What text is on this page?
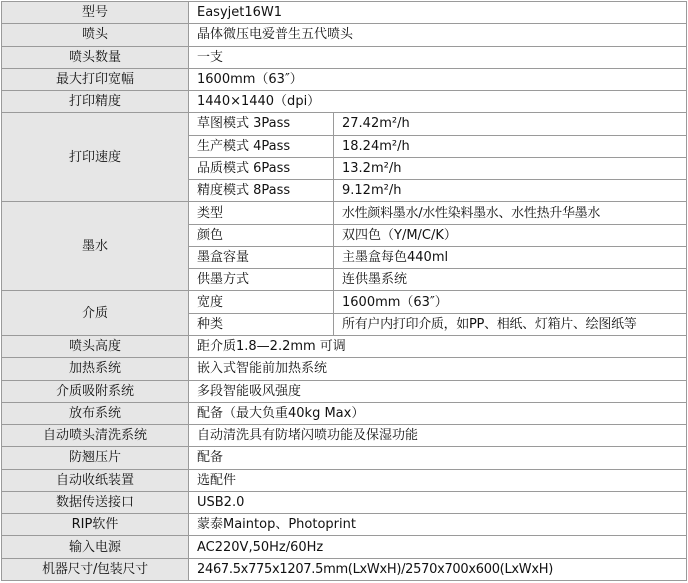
型号	Easyjet16W1	
喷头	晶体微压电爱普生五代喷头	
喷头数量	一支	
最大打印宽幅	1600mm（63″）	
打印精度	1440×1440（dpi）	
打印速度	草图模式 3Pass	27.42m²/h
	生产模式 4Pass	18.24m²/h
	品质模式 6Pass	13.2m²/h
	精度模式 8Pass	9.12m²/h
墨水	类型	水性颜料墨水/水性染料墨水、水性热升华墨水
	颜色	双四色（Y/M/C/K）
	墨盒容量	主墨盒每色440ml
	供墨方式	连供墨系统
介质	宽度	1600mm（63″）
	种类	所有户内打印介质，如PP、相纸、灯箱片、绘图纸等
喷头高度	距介质1.8—2.2mm 可调	
加热系统	嵌入式智能前加热系统	
介质吸附系统	多段智能吸风强度	
放布系统	配备（最大负重40kg Max）	
自动喷头清洗系统	自动清洗具有防堵闪喷功能及保湿功能	
防翘压片	配备	
自动收纸装置	选配件	
数据传送接口	USB2.0	
RIP软件	蒙泰Maintop、Photoprint	
输入电源	AC220V,50Hz/60Hz	
机器尺寸/包装尺寸	2467.5x775x1207.5mm(LxWxH)/2570x700x600(LxWxH)	
